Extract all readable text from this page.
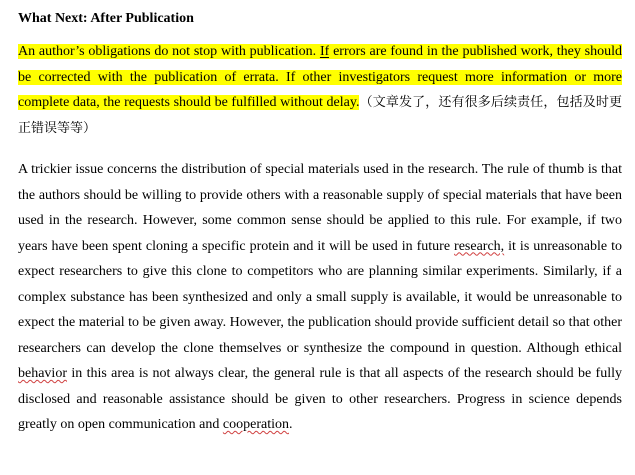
What Next: After Publication

An author’s obligations do not stop with publication. If errors are found in the published work, they should be corrected with the publication of errata. If other investigators request more information or more complete data, the requests should be fulfilled without delay.（文章发了，还有很多后续责任，包括及时更正错误等等）

A trickier issue concerns the distribution of special materials used in the research. The rule of thumb is that the authors should be willing to provide others with a reasonable supply of special materials that have been used in the research. However, some common sense should be applied to this rule. For example, if two years have been spent cloning a specific protein and it will be used in future research, it is unreasonable to expect researchers to give this clone to competitors who are planning similar experiments. Similarly, if a complex substance has been synthesized and only a small supply is available, it would be unreasonable to expect the material to be given away. However, the publication should provide sufficient detail so that other researchers can develop the clone themselves or synthesize the compound in question. Although ethical behavior in this area is not always clear, the general rule is that all aspects of the research should be fully disclosed and reasonable assistance should be given to other researchers. Progress in science depends greatly on open communication and cooperation.
